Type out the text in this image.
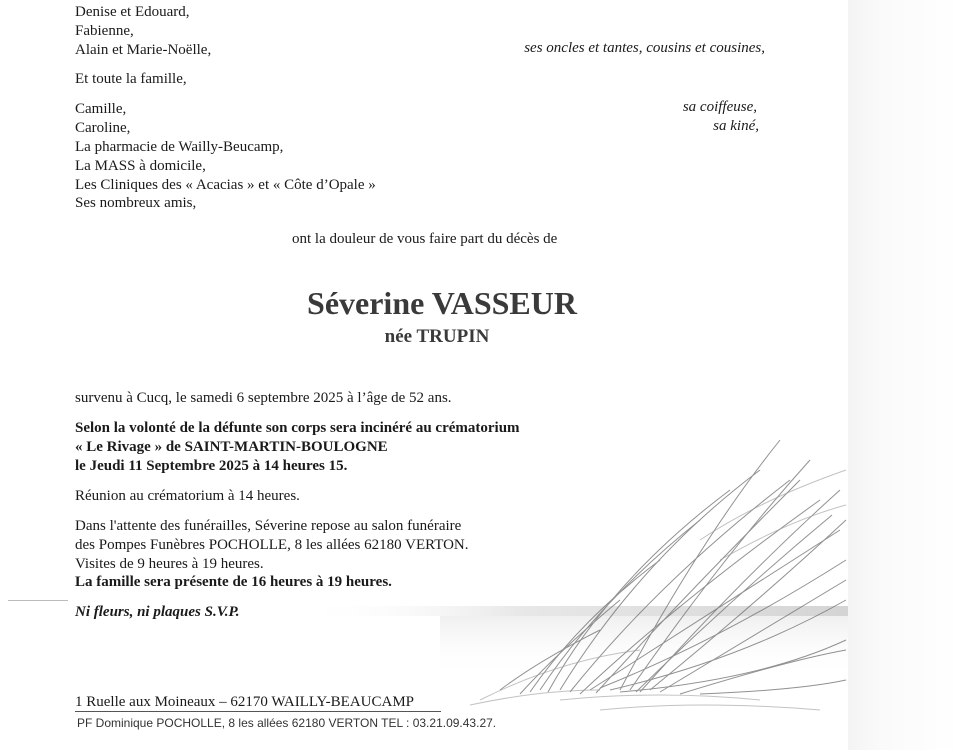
Denise et Edouard,
Fabienne,
Alain et Marie-Noëlle,	ses oncles et tantes, cousins et cousines,
Et toute la famille,
Camille,
Caroline,
La pharmacie de Wailly-Beucamp,
La MASS à domicile,
Les Cliniques des « Acacias » et « Côte d’Opale »
Ses nombreux amis,
sa coiffeuse,
sa kiné,
ont la douleur de vous faire part du décès de
Séverine VASSEUR
née TRUPIN
survenu à Cucq, le samedi 6 septembre 2025 à l’âge de 52 ans.
Selon la volonté de la défunte son corps sera incinéré au crématorium
« Le Rivage » de SAINT-MARTIN-BOULOGNE
le Jeudi 11 Septembre 2025 à 14 heures 15.
Réunion au crématorium à 14 heures.
Dans l'attente des funérailles, Séverine repose au salon funéraire
des Pompes Funèbres POCHOLLE, 8 les allées 62180 VERTON.
Visites de 9 heures à 19 heures.
La famille sera présente de 16 heures à 19 heures.
Ni fleurs, ni plaques S.V.P.
1 Ruelle aux Moineaux – 62170 WAILLY-BEAUCAMP
PF Dominique POCHOLLE, 8 les allées 62180 VERTON TEL : 03.21.09.43.27.
